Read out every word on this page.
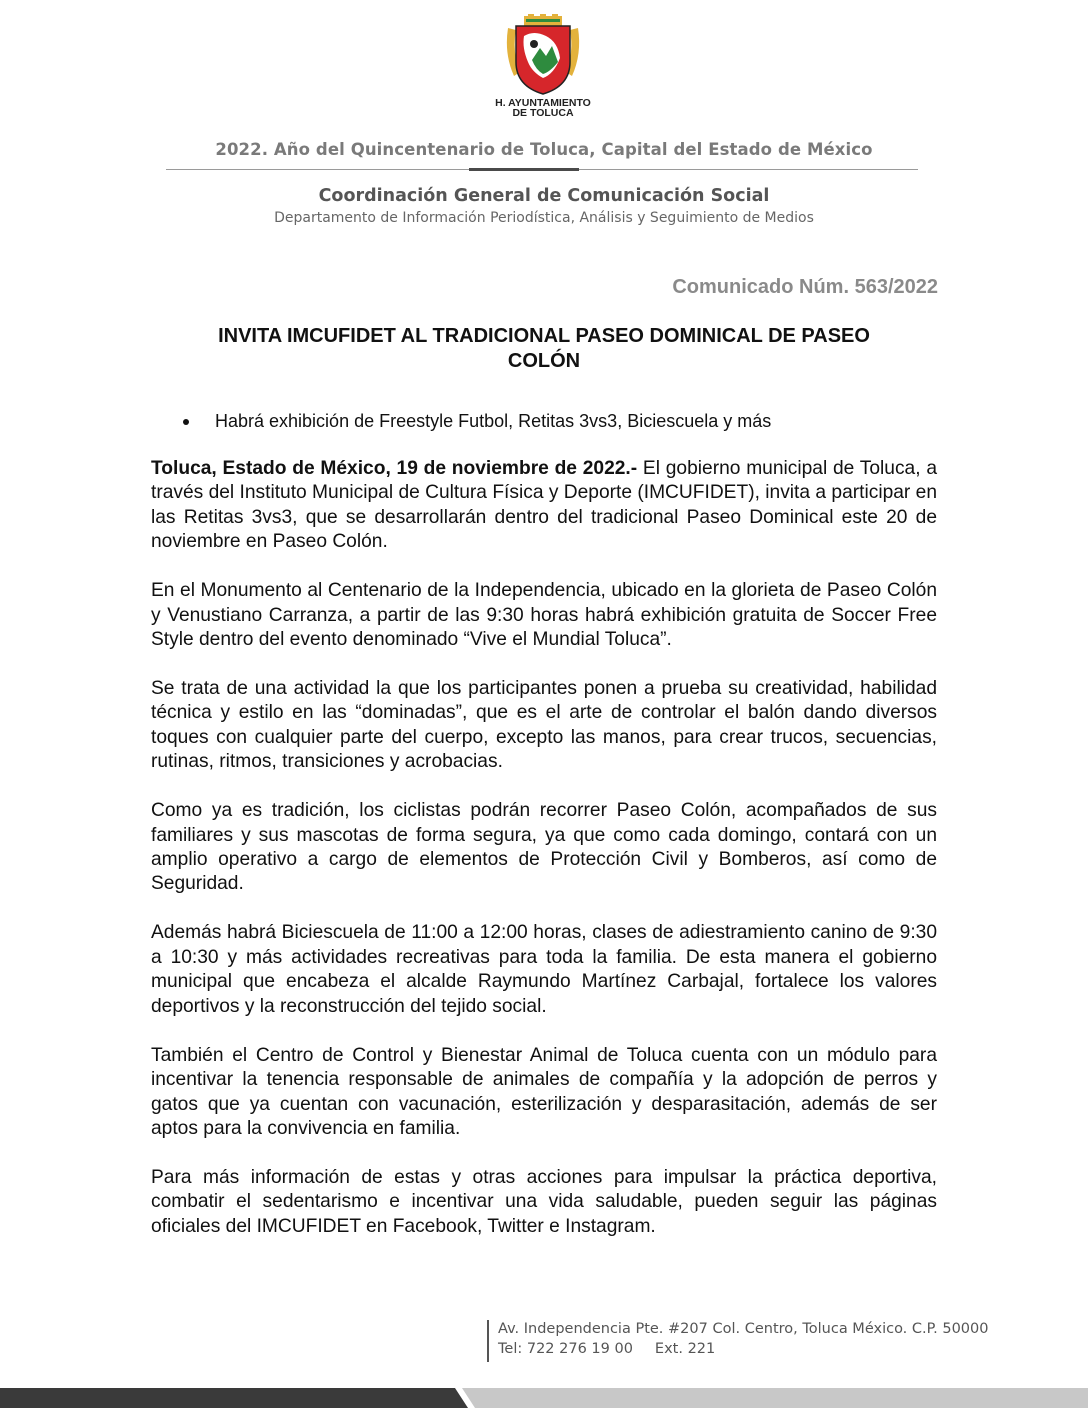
H. AYUNTAMIENTO
DE TOLUCA
2022. Año del Quincentenario de Toluca, Capital del Estado de México
Coordinación General de Comunicación Social
Departamento de Información Periodística, Análisis y Seguimiento de Medios
Comunicado Núm. 563/2022
INVITA IMCUFIDET AL TRADICIONAL PASEO DOMINICAL DE PASEO COLÓN
Habrá exhibición de Freestyle Futbol, Retitas 3vs3, Biciescuela y más

Toluca, Estado de México, 19 de noviembre de 2022.- El gobierno municipal de Toluca, a través del Instituto Municipal de Cultura Física y Deporte (IMCUFIDET), invita a participar en las Retitas 3vs3, que se desarrollarán dentro del tradicional Paseo Dominical este 20 de noviembre en Paseo Colón.

En el Monumento al Centenario de la Independencia, ubicado en la glorieta de Paseo Colón y Venustiano Carranza, a partir de las 9:30 horas habrá exhibición gratuita de Soccer Free Style dentro del evento denominado “Vive el Mundial Toluca”.

Se trata de una actividad la que los participantes ponen a prueba su creatividad, habilidad técnica y estilo en las “dominadas”, que es el arte de controlar el balón dando diversos toques con cualquier parte del cuerpo, excepto las manos, para crear trucos, secuencias, rutinas, ritmos, transiciones y acrobacias.

Como ya es tradición, los ciclistas podrán recorrer Paseo Colón, acompañados de sus familiares y sus mascotas de forma segura, ya que como cada domingo, contará con un amplio operativo a cargo de elementos de Protección Civil y Bomberos, así como de Seguridad.

Además habrá Biciescuela de 11:00 a 12:00 horas, clases de adiestramiento canino de 9:30 a 10:30 y más actividades recreativas para toda la familia. De esta manera el gobierno municipal que encabeza el alcalde Raymundo Martínez Carbajal, fortalece los valores deportivos y la reconstrucción del tejido social.

También el Centro de Control y Bienestar Animal de Toluca cuenta con un módulo para incentivar la tenencia responsable de animales de compañía y la adopción de perros y gatos que ya cuentan con vacunación, esterilización y desparasitación, además de ser aptos para la convivencia en familia.

Para más información de estas y otras acciones para impulsar la práctica deportiva, combatir el sedentarismo e incentivar una vida saludable, pueden seguir las páginas oficiales del IMCUFIDET en Facebook, Twitter e Instagram.

Av. Independencia Pte. #207 Col. Centro, Toluca México. C.P. 50000
Tel: 722 276 19 00 Ext. 221
